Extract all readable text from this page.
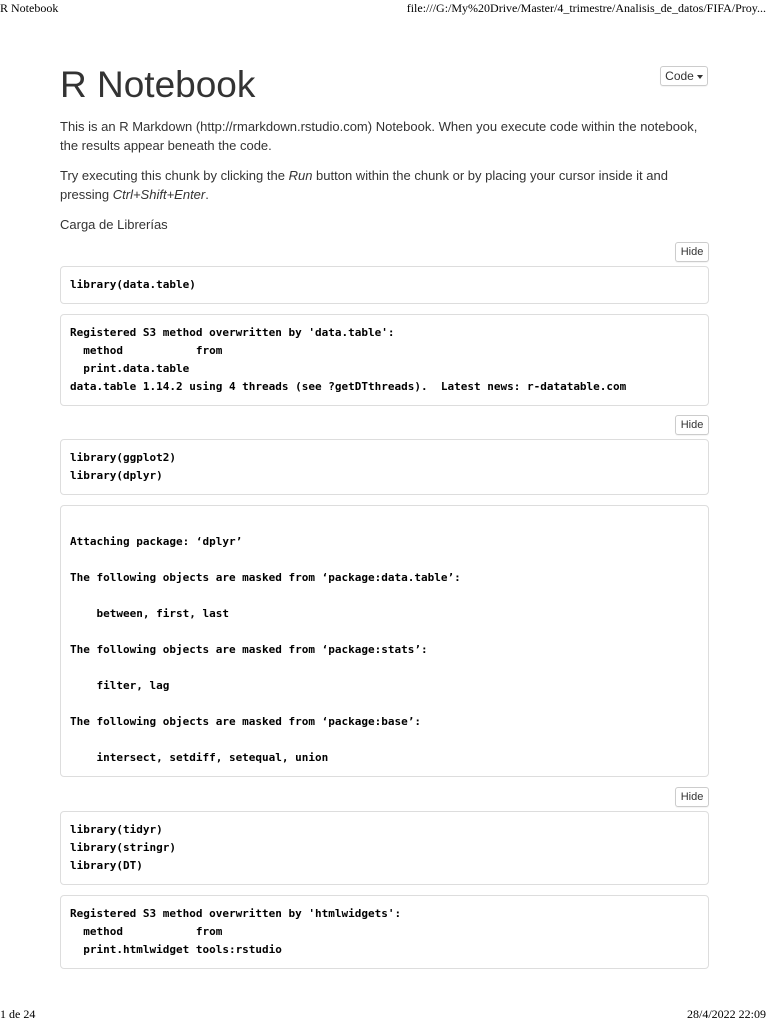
R Notebook	file:///G:/My%20Drive/Master/4_trimestre/Analisis_de_datos/FIFA/Proy...
R Notebook	Code

This is an R Markdown (http://rmarkdown.rstudio.com) Notebook. When you execute code within the notebook, the results appear beneath the code.

Try executing this chunk by clicking the Run button within the chunk or by placing your cursor inside it and pressing Ctrl+Shift+Enter.

Carga de Librerías

Hide
library(data.table)
Registered S3 method overwritten by 'data.table':
method           from
print.data.table
data.table 1.14.2 using 4 threads (see ?getDTthreads).  Latest news: r-datatable.com
Hide
library(ggplot2)
library(dplyr)

Attaching package: ‘dplyr’

The following objects are masked from ‘package:data.table’:

between, first, last

The following objects are masked from ‘package:stats’:

filter, lag

The following objects are masked from ‘package:base’:

intersect, setdiff, setequal, union
Hide
library(tidyr)
library(stringr)
library(DT)
Registered S3 method overwritten by 'htmlwidgets':
method           from
print.htmlwidget tools:rstudio
1 de 24	28/4/2022 22:09
